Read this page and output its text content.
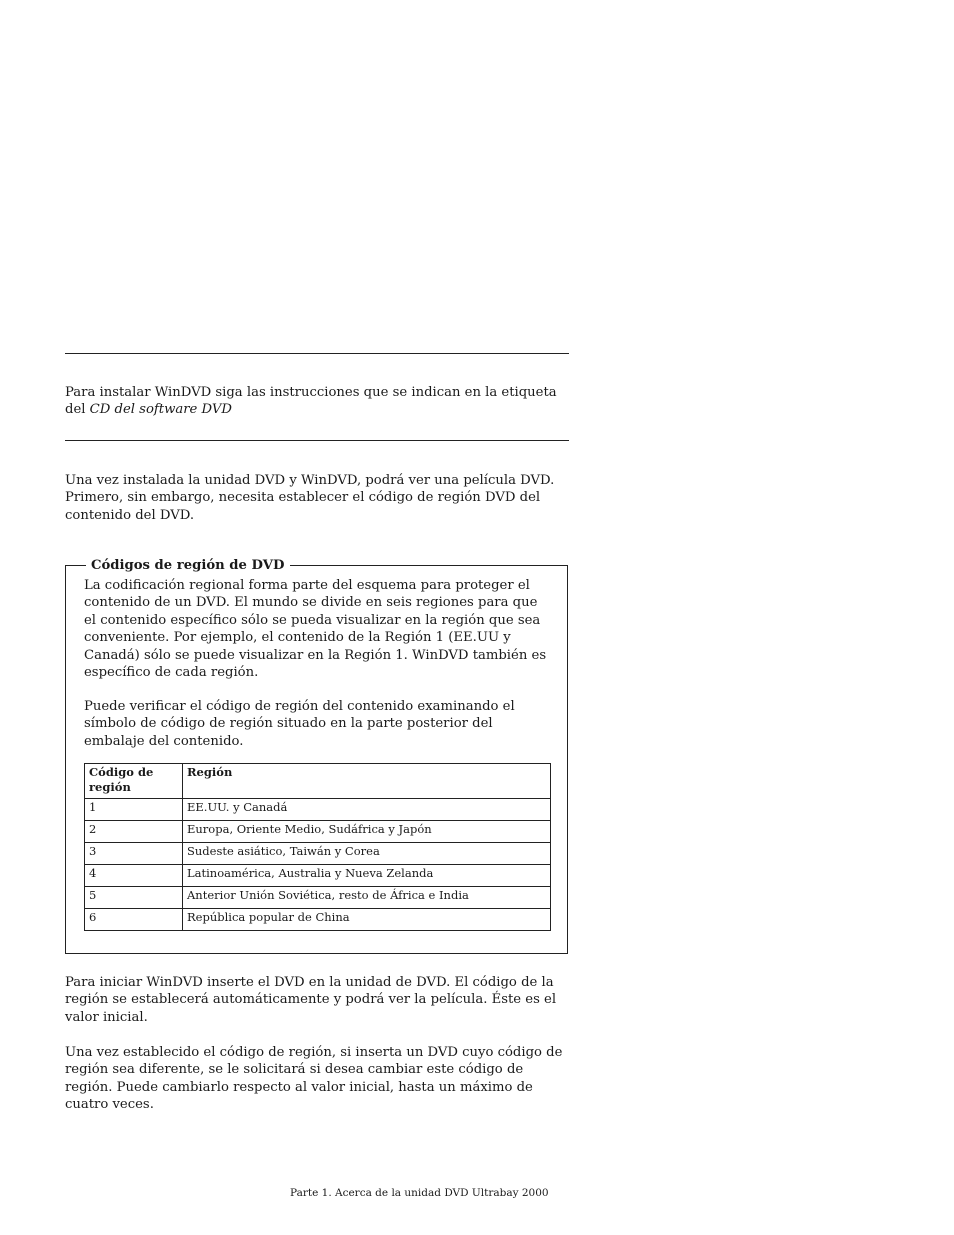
Para instalar WinDVD siga las instrucciones que se indican en la etiqueta del CD del software DVD

Una vez instalada la unidad DVD y WinDVD, podrá ver una película DVD. Primero, sin embargo, necesita establecer el código de región DVD del contenido del DVD.

Códigos de región de DVD

La codificación regional forma parte del esquema para proteger el contenido de un DVD. El mundo se divide en seis regiones para que el contenido específico sólo se pueda visualizar en la región que sea conveniente. Por ejemplo, el contenido de la Región 1 (EE.UU y Canadá) sólo se puede visualizar en la Región 1. WinDVD también es específico de cada región.

Puede verificar el código de región del contenido examinando el símbolo de código de región situado en la parte posterior del embalaje del contenido.

Código de región	Región
1	EE.UU. y Canadá
2	Europa, Oriente Medio, Sudáfrica y Japón
3	Sudeste asiático, Taiwán y Corea
4	Latinoamérica, Australia y Nueva Zelanda
5	Anterior Unión Soviética, resto de África e India
6	República popular de China

Para iniciar WinDVD inserte el DVD en la unidad de DVD. El código de la región se establecerá automáticamente y podrá ver la película. Éste es el valor inicial.

Una vez establecido el código de región, si inserta un DVD cuyo código de región sea diferente, se le solicitará si desea cambiar este código de región. Puede cambiarlo respecto al valor inicial, hasta un máximo de cuatro veces.

Parte 1. Acerca de la unidad DVD Ultrabay 2000
